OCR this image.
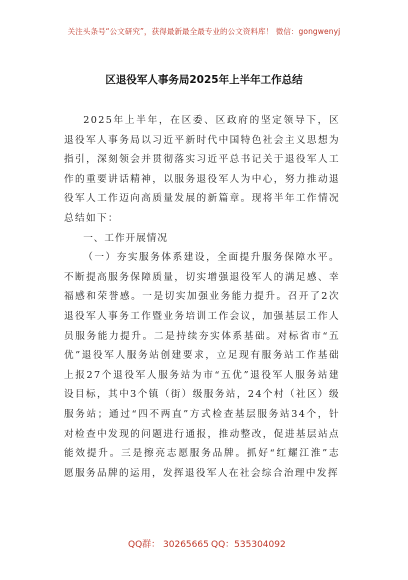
关注头条号“公文研究”，获得最新最全最专业的公文资料库！ 微信：gongwenyj
区退役军人事务局2025年上半年工作总结

2025年上半年，在区委、区政府的坚定领导下，区退役军人事务局以习近平新时代中国特色社会主义思想为指引，深刻领会并贯彻落实习近平总书记关于退役军人工作的重要讲话精神，以服务退役军人为中心，努力推动退役军人工作迈向高质量发展的新篇章。现将半年工作情况总结如下：

一、工作开展情况

（一）夯实服务体系建设，全面提升服务保障水平。不断提高服务保障质量，切实增强退役军人的满足感、幸福感和荣誉感。一是切实加强业务能力提升。召开了2次退役军人事务工作暨业务培训工作会议，加强基层工作人员服务能力提升。二是持续夯实体系基础。对标省市“五优”退役军人服务站创建要求，立足现有服务站工作基础上报27个退役军人服务站为市“五优”退役军人服务站建设目标，其中3个镇（街）级服务站，24个村（社区）级服务站；通过“四不两直”方式检查基层服务站34个，针对检查中发现的问题进行通报，推动整改，促进基层站点能效提升。三是擦亮志愿服务品牌。抓好“红耀江淮”志愿服务品牌的运用，发挥退役军人在社会综合治理中发挥

QQ群： 30265665 QQ：535304092
